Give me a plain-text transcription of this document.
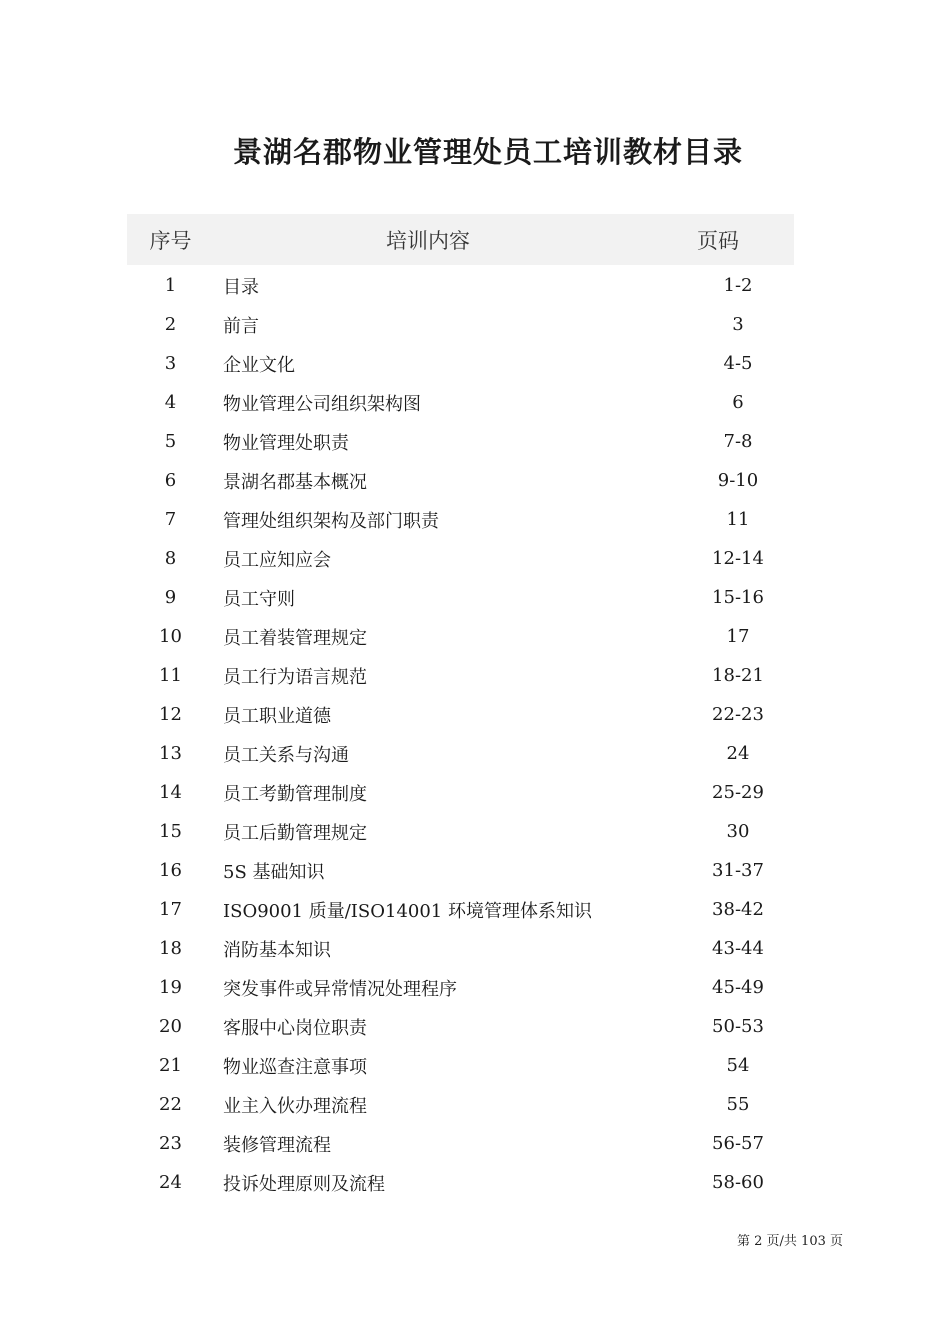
景湖名郡物业管理处员工培训教材目录
序号	培训内容	页码
1	目录	1-2
2	前言	3
3	企业文化	4-5
4	物业管理公司组织架构图	6
5	物业管理处职责	7-8
6	景湖名郡基本概况	9-10
7	管理处组织架构及部门职责	11
8	员工应知应会	12-14
9	员工守则	15-16
10	员工着装管理规定	17
11	员工行为语言规范	18-21
12	员工职业道德	22-23
13	员工关系与沟通	24
14	员工考勤管理制度	25-29
15	员工后勤管理规定	30
16	5S 基础知识	31-37
17	ISO9001 质量/ISO14001 环境管理体系知识	38-42
18	消防基本知识	43-44
19	突发事件或异常情况处理程序	45-49
20	客服中心岗位职责	50-53
21	物业巡查注意事项	54
22	业主入伙办理流程	55
23	装修管理流程	56-57
24	投诉处理原则及流程	58-60
第 2 页/共 103 页
